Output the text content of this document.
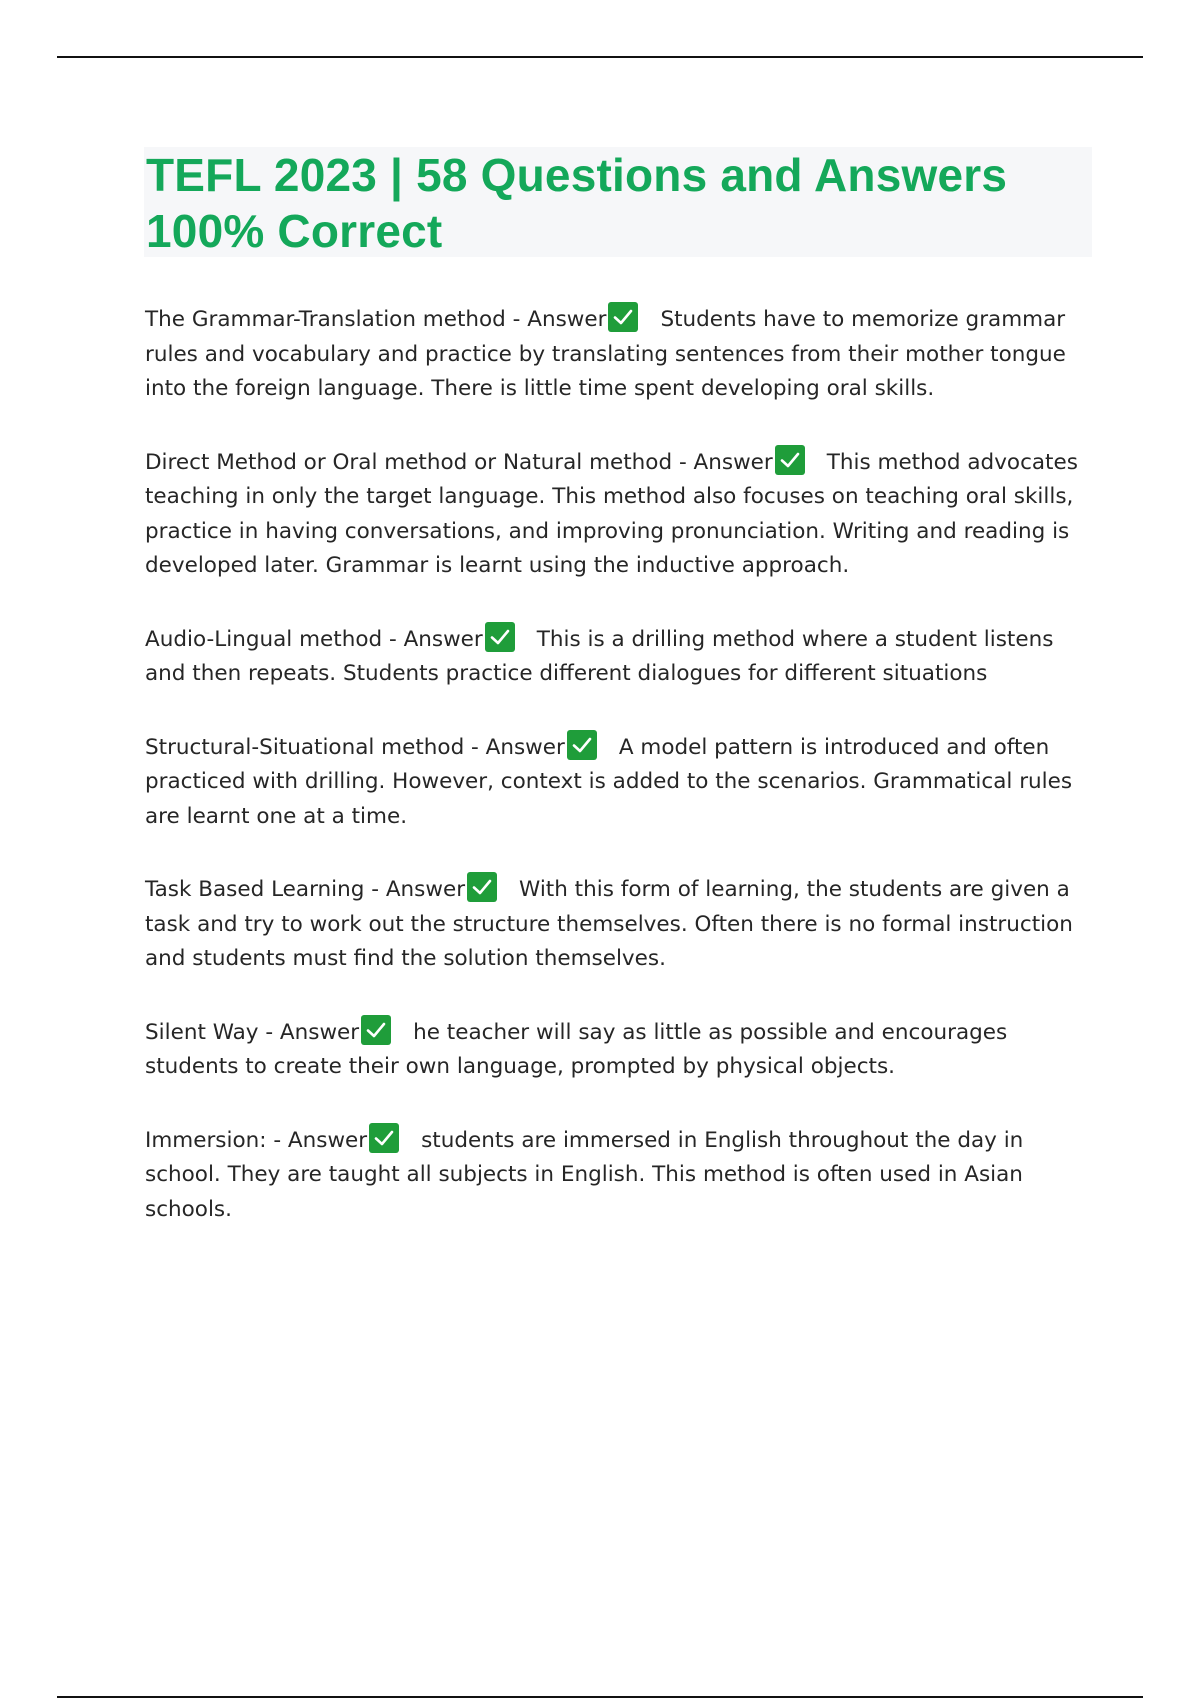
TEFL 2023 | 58 Questions and Answers 100% Correct

The Grammar-Translation method - Answer	Students have to memorize grammar rules and vocabulary and practice by translating sentences from their mother tongue into the foreign language. There is little time spent developing oral skills.

Direct Method or Oral method or Natural method - Answer	This method advocates teaching in only the target language. This method also focuses on teaching oral skills, practice in having conversations, and improving pronunciation. Writing and reading is developed later. Grammar is learnt using the inductive approach.

Audio-Lingual method - Answer	This is a drilling method where a student listens and then repeats. Students practice different dialogues for different situations

Structural-Situational method - Answer	A model pattern is introduced and often practiced with drilling. However, context is added to the scenarios. Grammatical rules are learnt one at a time.

Task Based Learning - Answer	With this form of learning, the students are given a task and try to work out the structure themselves. Often there is no formal instruction and students must find the solution themselves.

Silent Way - Answer	he teacher will say as little as possible and encourages students to create their own language, prompted by physical objects.

Immersion: - Answer	students are immersed in English throughout the day in school. They are taught all subjects in English. This method is often used in Asian schools.
